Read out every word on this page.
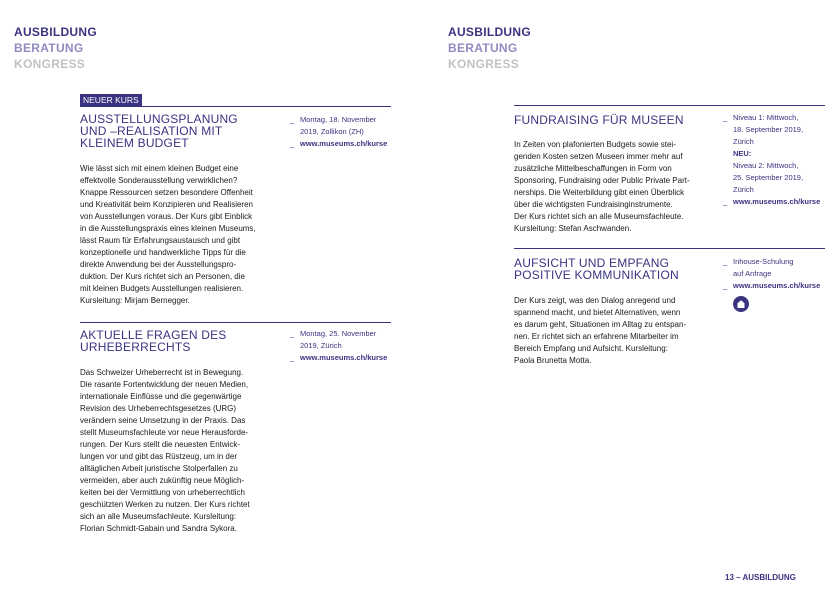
AUSBILDUNG
BERATUNG
KONGRESS
AUSBILDUNG
BERATUNG
KONGRESS
NEUER KURS
AUSSTELLUNGSPLANUNG
UND –REALISATION MIT
KLEINEM BUDGET
_ Montag, 18. November
2019, Zollikon (ZH)
_ www.museums.ch/kurse
Wie lässt sich mit einem kleinen Budget eine
effektvolle Sonderausstellung verwirklichen?
Knappe Ressourcen setzen besondere Offenheit
und Kreativität beim Konzipieren und Realisieren
von Ausstellungen voraus. Der Kurs gibt Einblick
in die Ausstellungspraxis eines kleinen Museums,
lässt Raum für Erfahrungsaustausch und gibt
konzeptionelle und handwerkliche Tipps für die
direkte Anwendung bei der Ausstellungspro-
duktion. Der Kurs richtet sich an Personen, die
mit kleinen Budgets Ausstellungen realisieren.
Kursleitung: Mirjam Bernegger.
AKTUELLE FRAGEN DES
URHEBERRECHTS
_ Montag, 25. November
2019, Zürich
_ www.museums.ch/kurse
Das Schweizer Urheberrecht ist in Bewegung.
Die rasante Fortentwicklung der neuen Medien,
internationale Einflüsse und die gegenwärtige
Revision des Urheberrechtsgesetzes (URG)
verändern seine Umsetzung in der Praxis. Das
stellt Museumsfachleute vor neue Herausforde-
rungen. Der Kurs stellt die neuesten Entwick-
lungen vor und gibt das Rüstzeug, um in der
alltäglichen Arbeit juristische Stolperfallen zu
vermeiden, aber auch zukünftig neue Möglich-
keiten bei der Vermittlung von urheberrechtlich
geschützten Werken zu nutzen. Der Kurs richtet
sich an alle Museumsfachleute. Kursleitung:
Florian Schmidt-Gabain und Sandra Sykora.
FUNDRAISING FÜR MUSEEN	_ Niveau 1: Mittwoch,
18. September 2019,
Zürich
NEU:
Niveau 2: Mittwoch,
25. September 2019,
Zürich
_ www.museums.ch/kurse
In Zeiten von plafonierten Budgets sowie stei-
genden Kosten setzen Museen immer mehr auf
zusätzliche Mittelbeschaffungen in Form von
Sponsoring, Fundraising oder Public Private Part-
nerships. Die Weiterbildung gibt einen Überblick
über die wichtigsten Fundraisinginstrumente.
Der Kurs richtet sich an alle Museumsfachleute.
Kursleitung: Stefan Aschwanden.
AUFSICHT UND EMPFANG
POSITIVE KOMMUNIKATION
_ Inhouse-Schulung
auf Anfrage
_ www.museums.ch/kurse
Der Kurs zeigt, was den Dialog anregend und
spannend macht, und bietet Alternativen, wenn
es darum geht, Situationen im Alltag zu entspan-
nen. Er richtet sich an erfahrene Mitarbeiter im
Bereich Empfang und Aufsicht. Kursleitung:
Paola Brunetta Motta.
13 – AUSBILDUNG
